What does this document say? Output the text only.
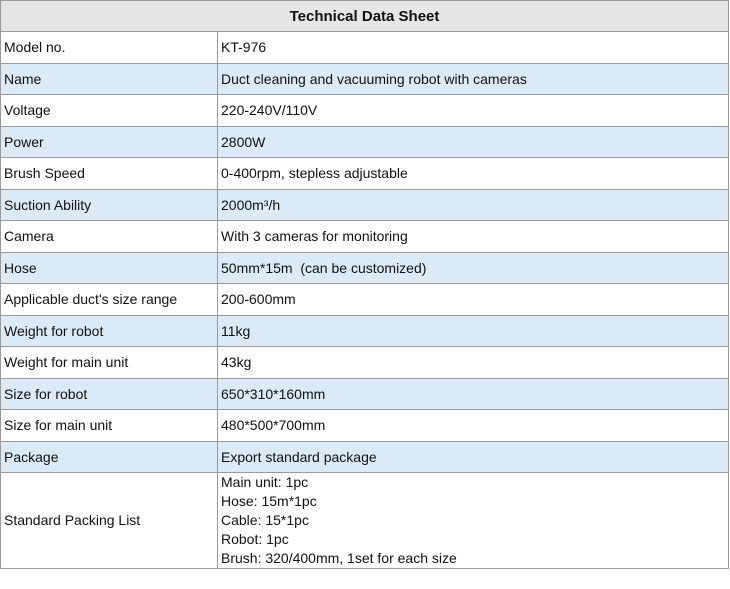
Technical Data Sheet	
Model no.	KT-976
Name	Duct cleaning and vacuuming robot with cameras
Voltage	220-240V/110V
Power	2800W
Brush Speed	0-400rpm, stepless adjustable
Suction Ability	2000m³/h
Camera	With 3 cameras for monitoring
Hose	50mm*15m  (can be customized)
Applicable duct's size range	200-600mm
Weight for robot	11kg
Weight for main unit	43kg
Size for robot	650*310*160mm
Size for main unit	480*500*700mm
Package	Export standard package
Standard Packing List	Main unit: 1pc
Hose: 15m*1pc
Cable: 15*1pc
Robot: 1pc
Brush: 320/400mm, 1set for each size
